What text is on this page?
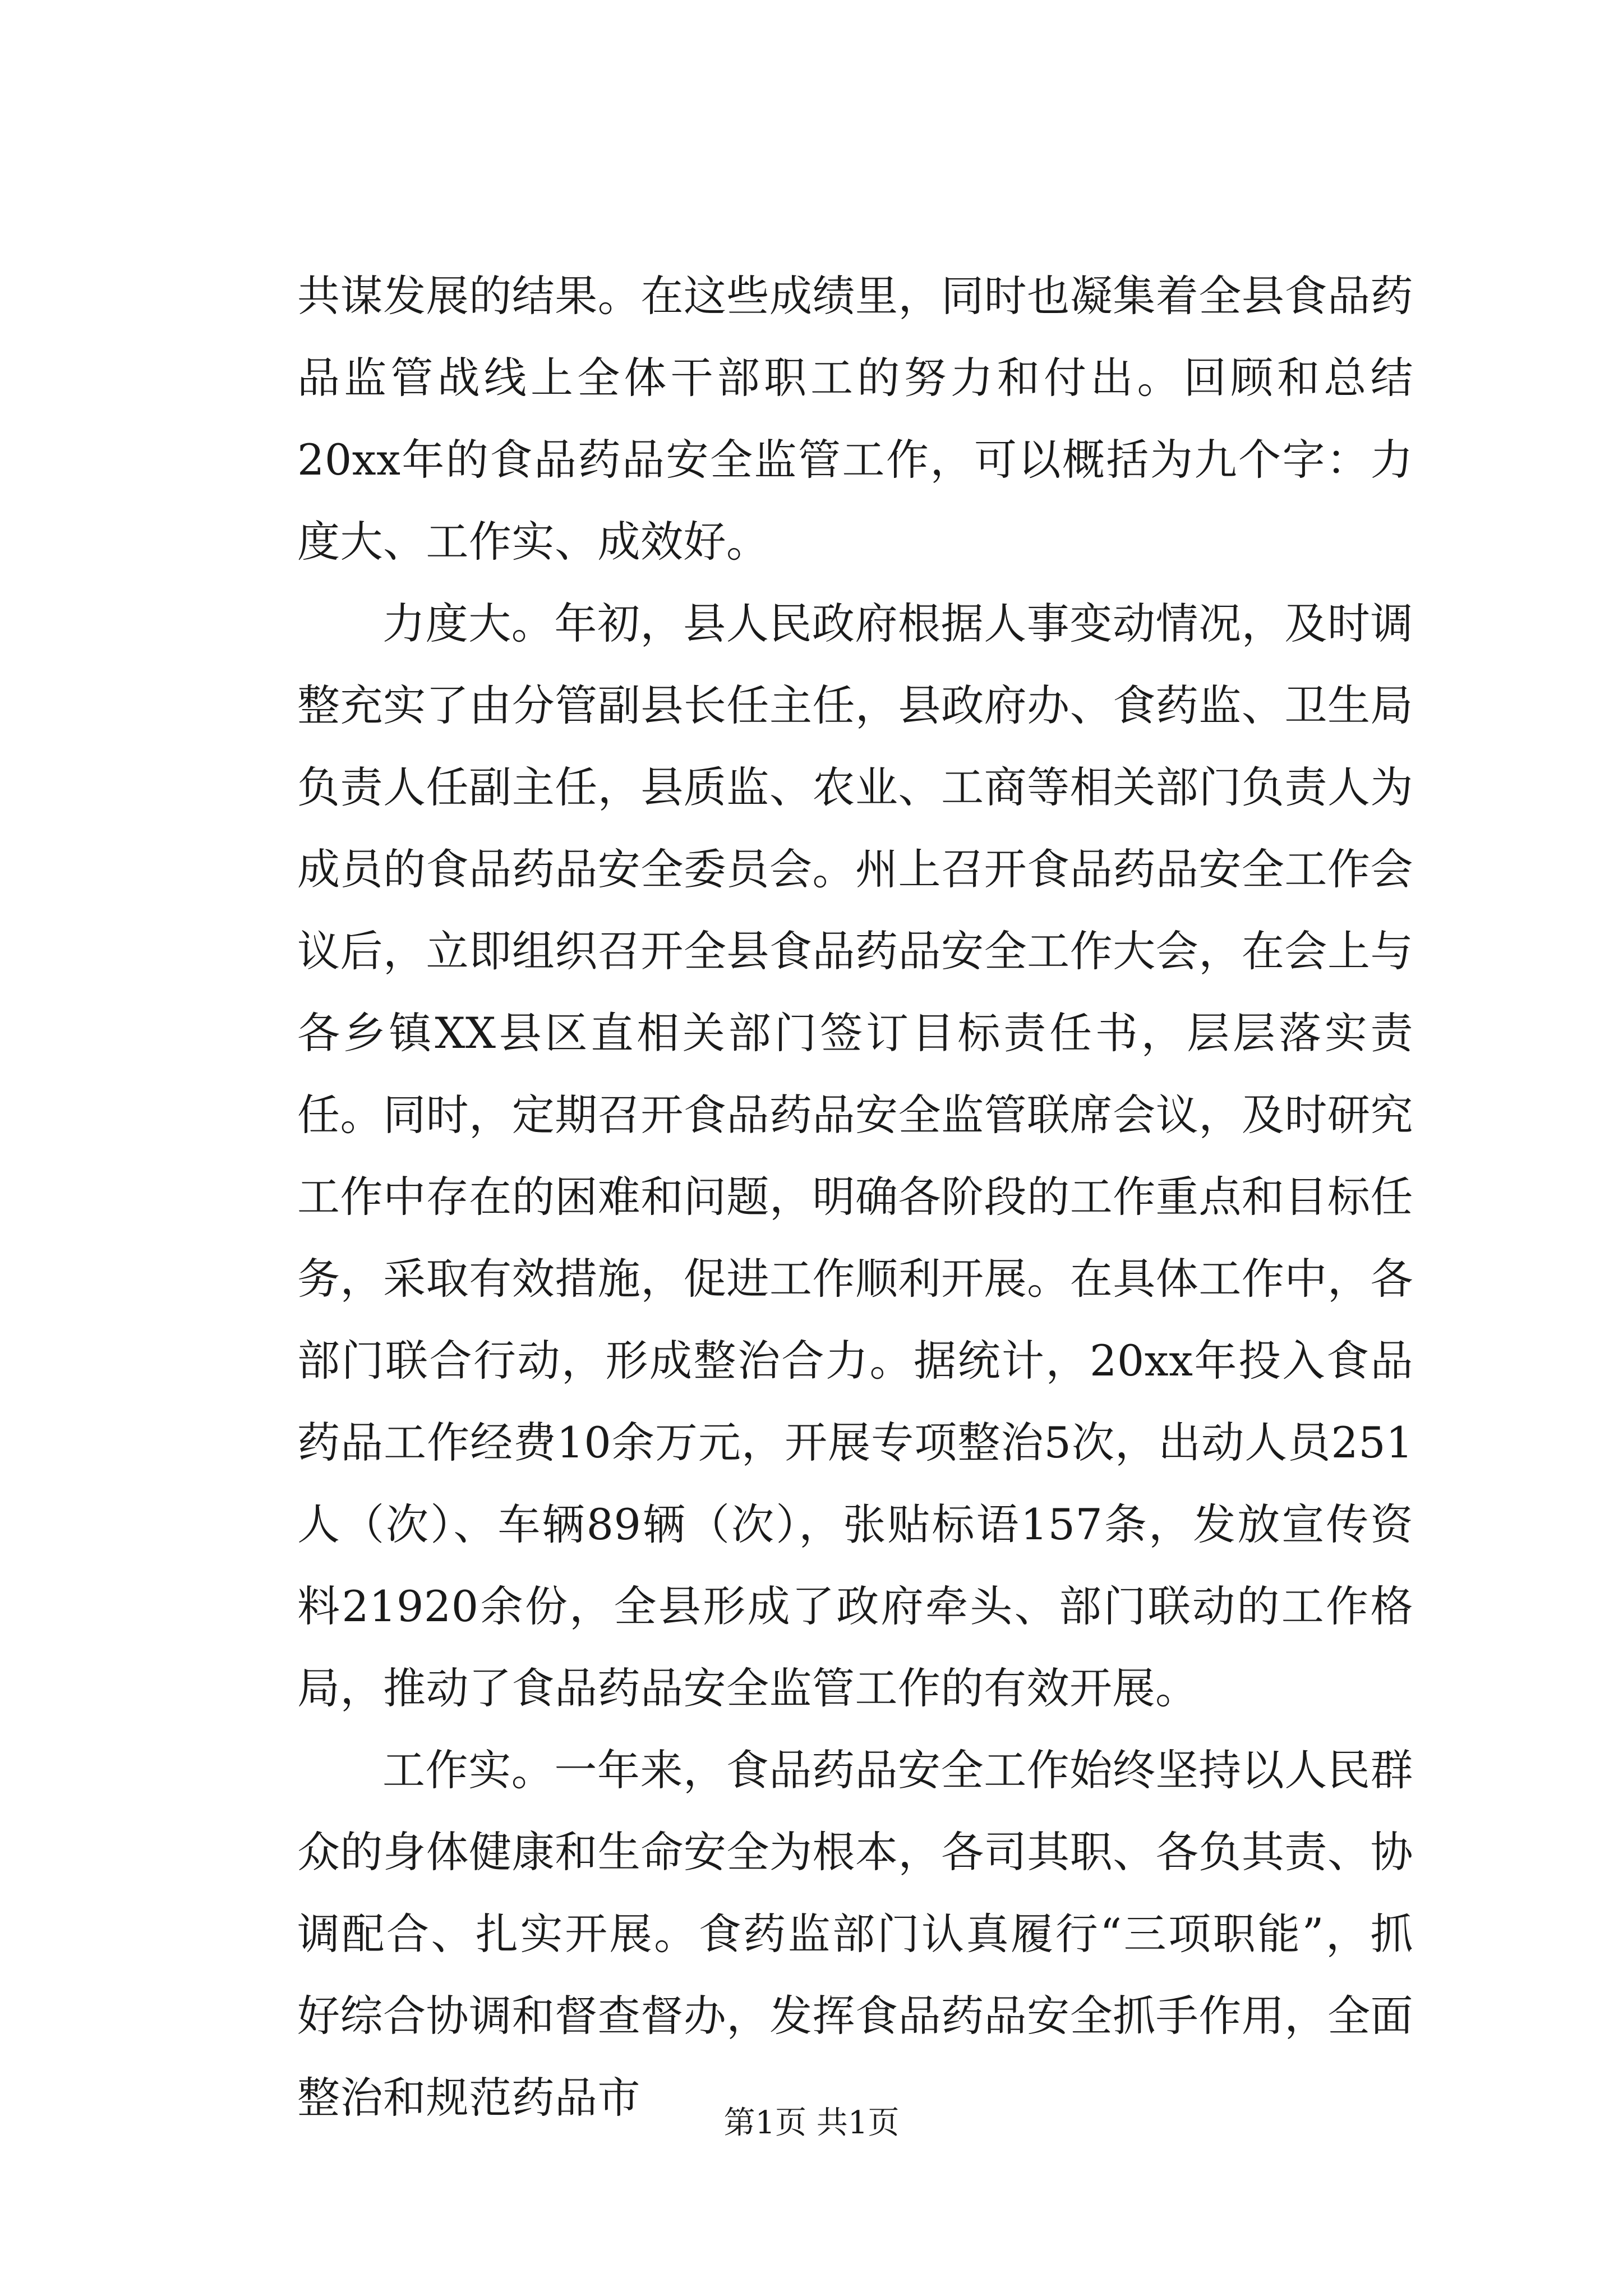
共谋发展的结果。在这些成绩里，同时也凝集着全县食品药品监管战线上全体干部职工的努力和付出。回顾和总结20xx年的食品药品安全监管工作，可以概括为九个字：力度大、工作实、成效好。

力度大。年初，县人民政府根据人事变动情况，及时调整充实了由分管副县长任主任，县政府办、食药监、卫生局负责人任副主任，县质监、农业、工商等相关部门负责人为成员的食品药品安全委员会。州上召开食品药品安全工作会议后，立即组织召开全县食品药品安全工作大会，在会上与各乡镇XX县区直相关部门签订目标责任书，层层落实责任。同时，定期召开食品药品安全监管联席会议，及时研究工作中存在的困难和问题，明确各阶段的工作重点和目标任务，采取有效措施，促进工作顺利开展。在具体工作中，各部门联合行动，形成整治合力。据统计，20xx年投入食品药品工作经费10余万元，开展专项整治5次，出动人员251人（次）、车辆89辆（次），张贴标语157条，发放宣传资料21920余份，全县形成了政府牵头、部门联动的工作格局，推动了食品药品安全监管工作的有效开展。

工作实。一年来，食品药品安全工作始终坚持以人民群众的身体健康和生命安全为根本，各司其职、各负其责、协调配合、扎实开展。食药监部门认真履行“三项职能”，抓好综合协调和督查督办，发挥食品药品安全抓手作用，全面整治和规范药品市

第1页 共1页
